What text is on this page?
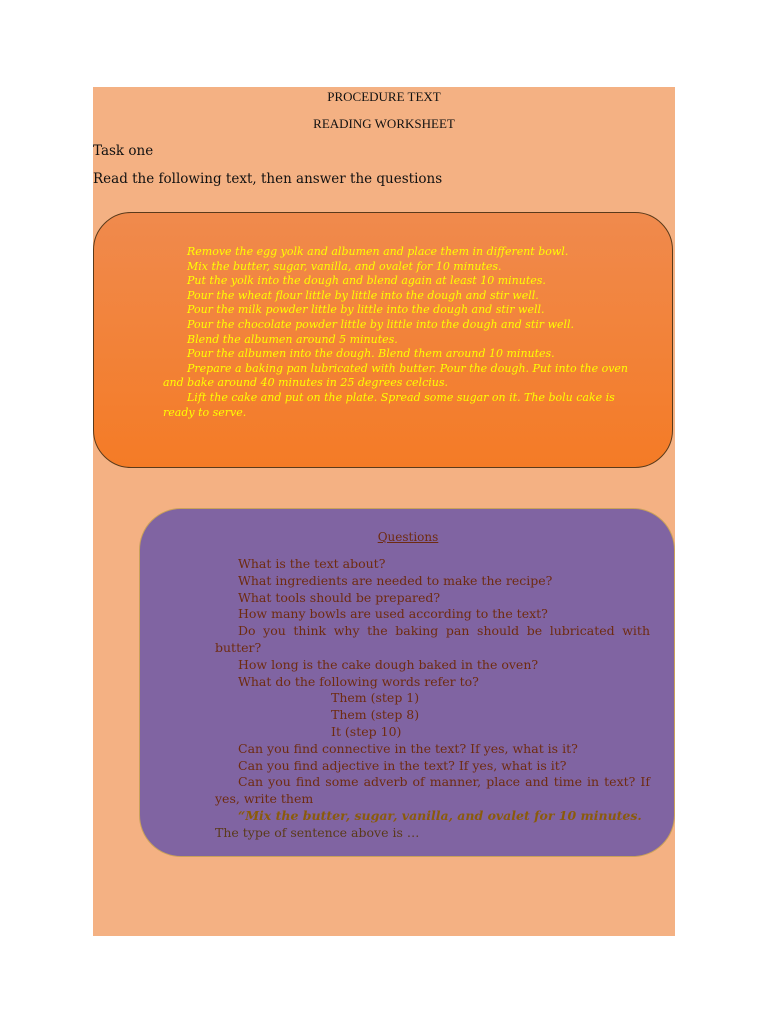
PROCEDURE TEXT
READING WORKSHEET
Task one
Read the following text, then answer the questions

Remove the egg yolk and albumen and place them in different bowl.

Mix the butter, sugar, vanilla, and ovalet for 10 minutes.

Put the yolk into the dough and blend again at least 10 minutes.

Pour the wheat flour little by little into the dough and stir well.

Pour the milk powder little by little into the dough and stir well.

Pour the chocolate powder little by little into the dough and stir well.

Blend the albumen around 5 minutes.

Pour the albumen into the dough. Blend them around 10 minutes.

Prepare a baking pan lubricated with butter. Pour the dough. Put into the oven and bake around 40 minutes in 25 degrees celcius.

Lift the cake and put on the plate. Spread some sugar on it. The bolu cake is ready to serve.

Questions

What is the text about?

What ingredients are needed to make the recipe?

What tools should be prepared?

How many bowls are used according to the text?

Do you think why the baking pan should be lubricated with butter?

How long is the cake dough baked in the oven?

What do the following words refer to?

Them (step 1)

Them (step 8)

It (step 10)

Can you find connective in the text? If yes, what is it?

Can you find adjective in the text? If yes, what is it?

Can you find some adverb of manner, place and time in text? If yes, write them

“Mix the butter, sugar, vanilla, and ovalet for 10 minutes.

The type of sentence above is …
